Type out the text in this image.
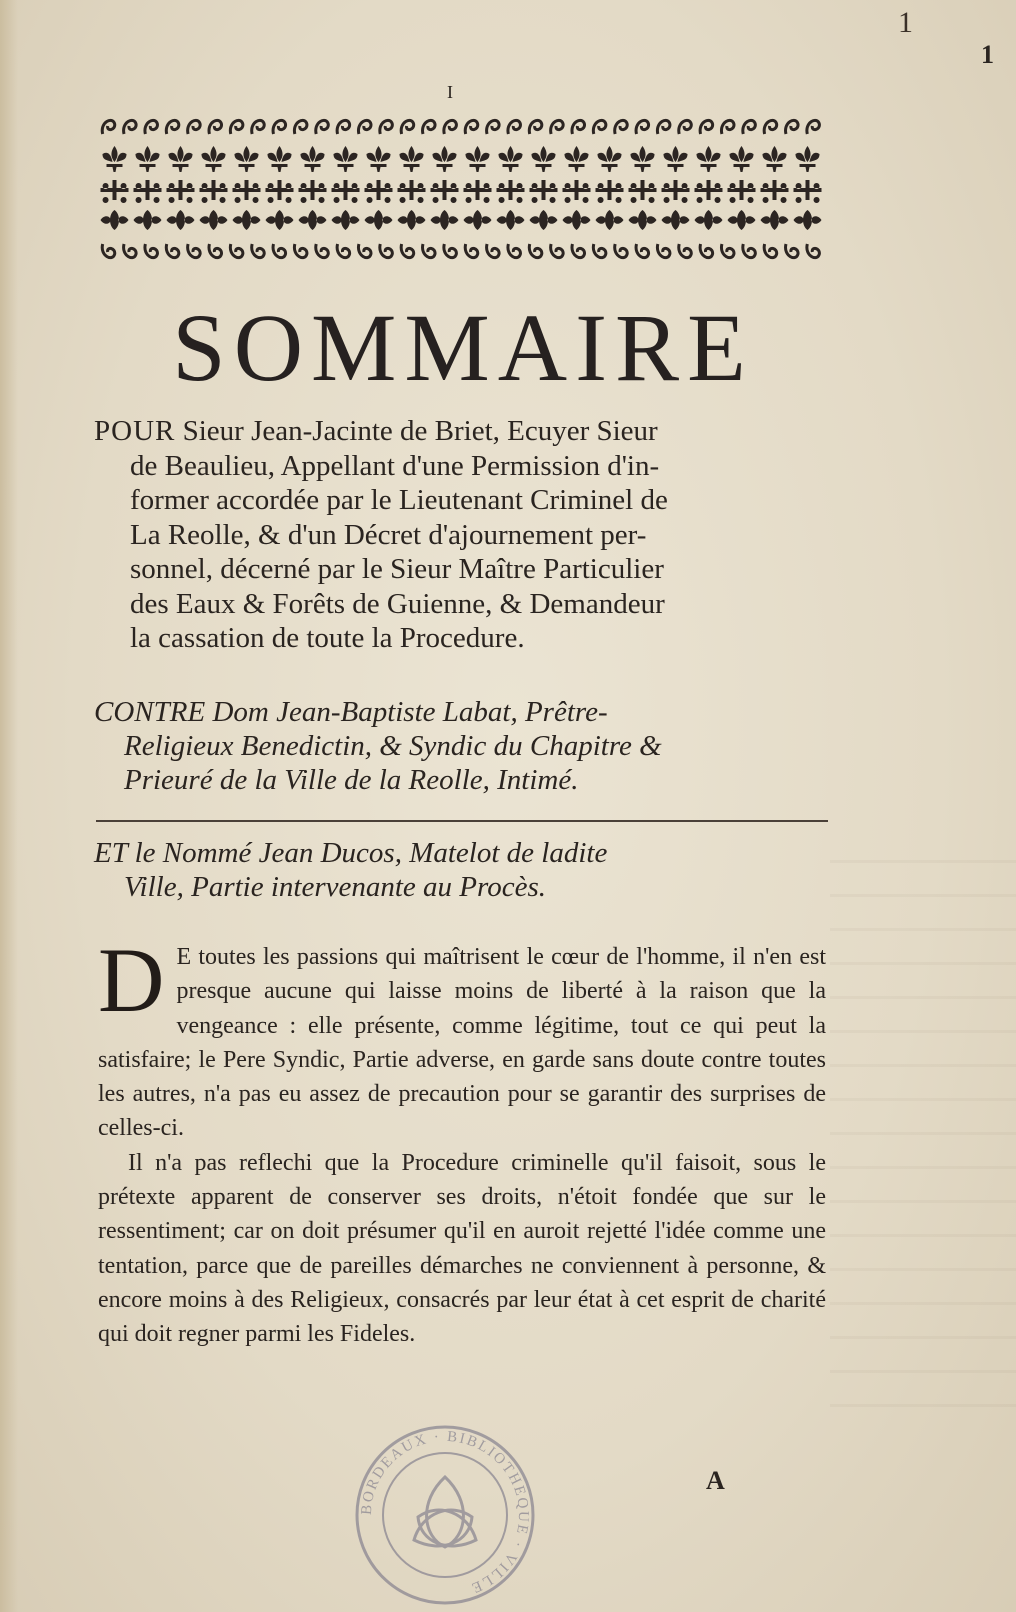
1
1
I
SOMMAIRE
POUR Sieur Jean-Jacinte de Briet, Ecuyer Sieur
de Beaulieu, Appellant d'une Permission d'in-
former accordée par le Lieutenant Criminel de
La Reolle, & d'un Décret d'ajournement per-
sonnel, décerné par le Sieur Maître Particulier
des Eaux & Forêts de Guienne, & Demandeur
la cassation de toute la Procedure.
CONTRE Dom Jean-Baptiste Labat, Prêtre-
Religieux Benedictin, & Syndic du Chapitre &
Prieuré de la Ville de la Reolle, Intimé.
ET le Nommé Jean Ducos, Matelot de ladite
Ville, Partie intervenante au Procès.

D E toutes les passions qui maîtrisent le cœur de l'homme, il n'en est presque aucune qui laisse moins de liberté à la raison que la vengeance : elle présente, comme légitime, tout ce qui peut la satisfaire; le Pere Syndic, Partie adverse, en garde sans doute contre toutes les autres, n'a pas eu assez de precaution pour se garantir des surprises de celles-ci.

Il n'a pas reflechi que la Procedure criminelle qu'il faisoit, sous le prétexte apparent de conserver ses droits, n'étoit fondée que sur le ressentiment; car on doit présumer qu'il en auroit rejetté l'idée comme une tentation, parce que de pareilles démarches ne conviennent à personne, & encore moins à des Religieux, consacrés par leur état à cet esprit de charité qui doit regner parmi les Fideles.

A
BORDEAUX · BIBLIOTHEQUE · VILLE
